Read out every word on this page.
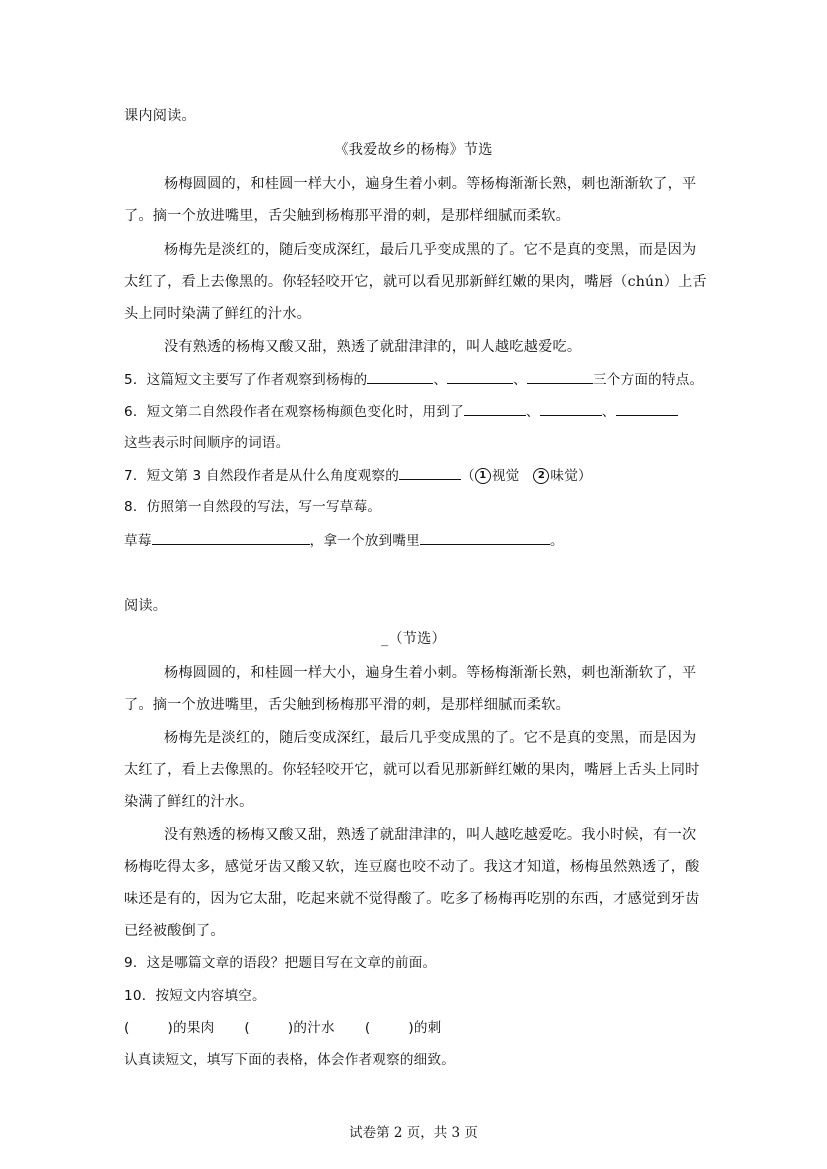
课内阅读。
《我爱故乡的杨梅》节选
杨梅圆圆的，和桂圆一样大小，遍身生着小刺。等杨梅渐渐长熟，刺也渐渐软了，平
了。摘一个放进嘴里，舌尖触到杨梅那平滑的刺，是那样细腻而柔软。
杨梅先是淡红的，随后变成深红，最后几乎变成黑的了。它不是真的变黑，而是因为
太红了，看上去像黑的。你轻轻咬开它，就可以看见那新鲜红嫩的果肉，嘴唇（chún）上舌
头上同时染满了鲜红的汁水。
没有熟透的杨梅又酸又甜，熟透了就甜津津的，叫人越吃越爱吃。
5．这篇短文主要写了作者观察到杨梅的	、	、	三个方面的特点。
6．短文第二自然段作者在观察杨梅颜色变化时，用到了	、	、
这些表示时间顺序的词语。
7．短文第 3 自然段作者是从什么角度观察的	（ 1 视觉 2 味觉）
8．仿照第一自然段的写法，写一写草莓。
草莓	，拿一个放到嘴里	。
阅读。
_（节选）
杨梅圆圆的，和桂圆一样大小，遍身生着小刺。等杨梅渐渐长熟，刺也渐渐软了，平
了。摘一个放进嘴里，舌尖触到杨梅那平滑的刺，是那样细腻而柔软。
杨梅先是淡红的，随后变成深红，最后几乎变成黑的了。它不是真的变黑，而是因为
太红了，看上去像黑的。你轻轻咬开它，就可以看见那新鲜红嫩的果肉，嘴唇上舌头上同时
染满了鲜红的汁水。
没有熟透的杨梅又酸又甜，熟透了就甜津津的，叫人越吃越爱吃。我小时候，有一次
杨梅吃得太多，感觉牙齿又酸又软，连豆腐也咬不动了。我这才知道，杨梅虽然熟透了，酸
味还是有的，因为它太甜，吃起来就不觉得酸了。吃多了杨梅再吃别的东西，才感觉到牙齿
已经被酸倒了。
9．这是哪篇文章的语段？把题目写在文章的前面。
10．按短文内容填空。
(	)的果肉 (	)的汁水 (	)的刺
认真读短文，填写下面的表格，体会作者观察的细致。
试卷第 2 页，共 3 页
